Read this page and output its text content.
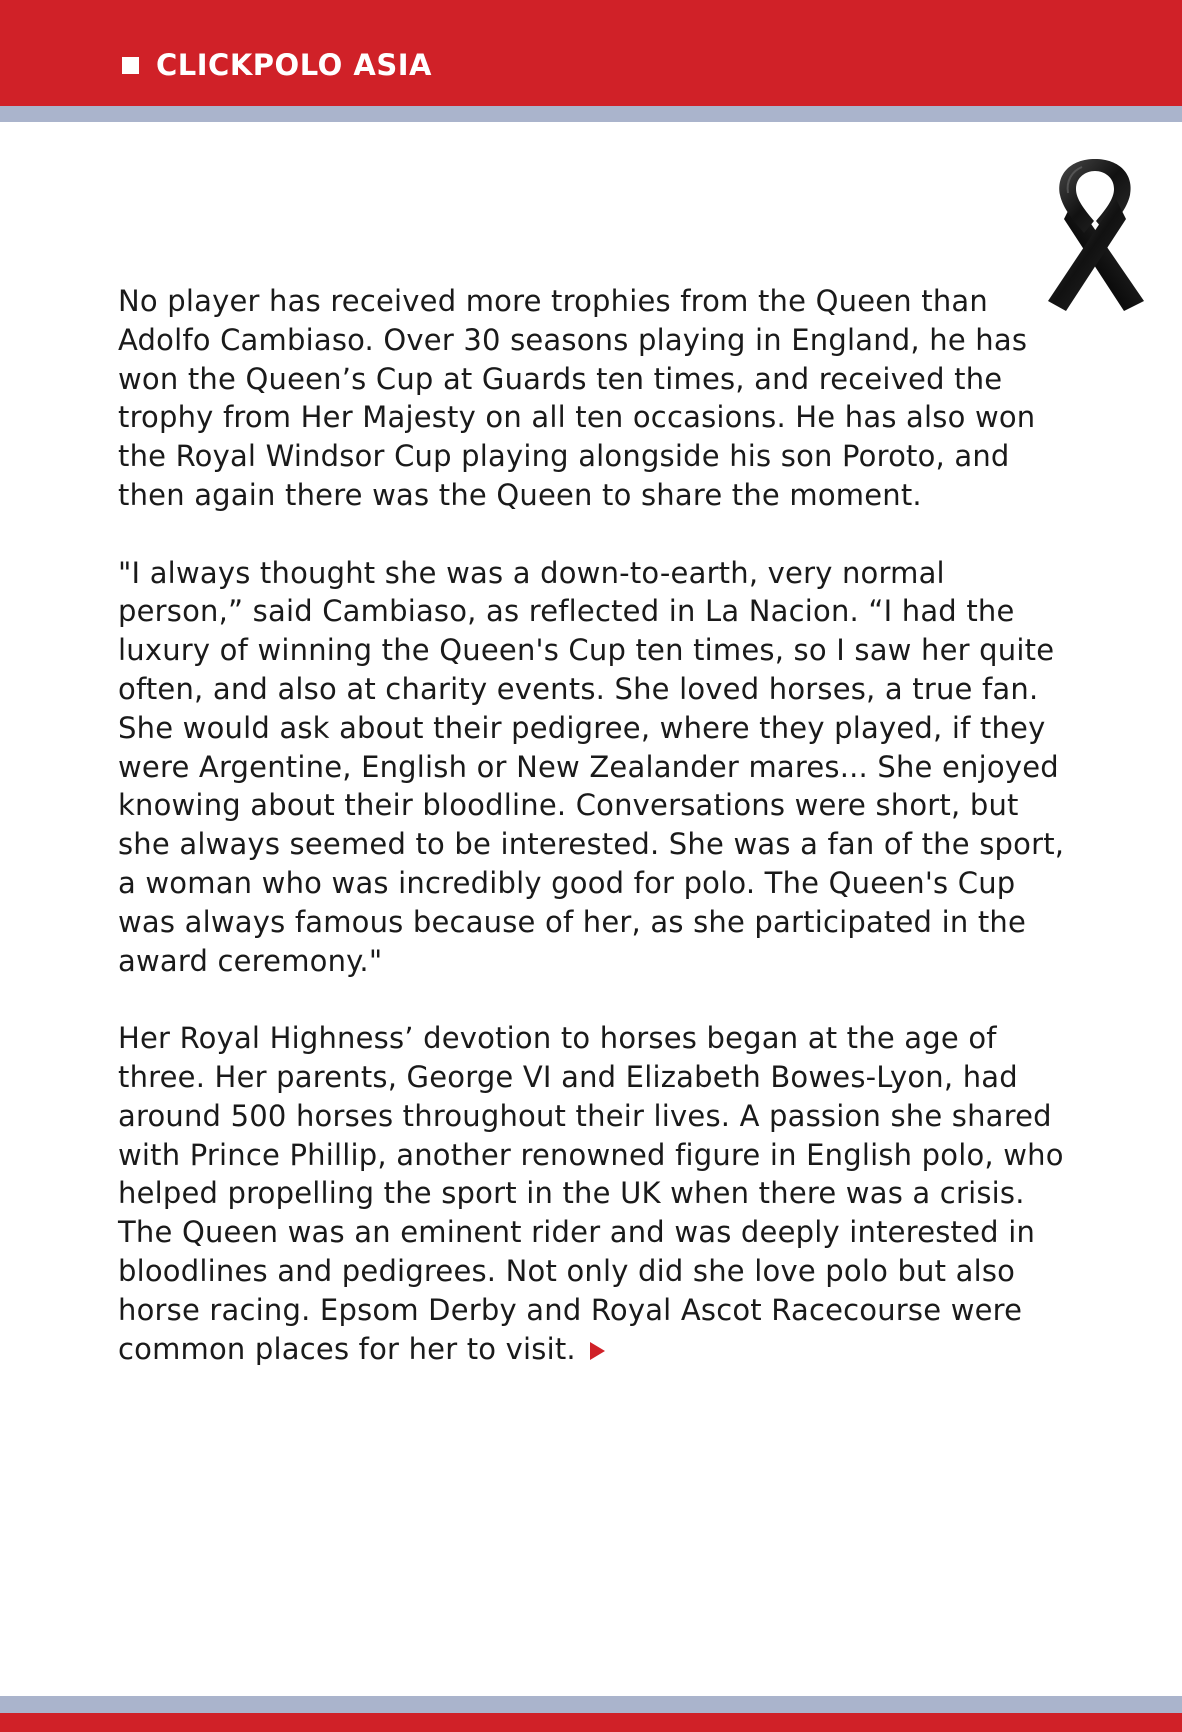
CLICKPOLO ASIA

No player has received more trophies from the Queen than Adolfo Cambiaso. Over 30 seasons playing in England, he has won the Queen’s Cup at Guards ten times, and received the trophy from Her Majesty on all ten occasions. He has also won the Royal Windsor Cup playing alongside his son Poroto, and then again there was the Queen to share the moment.

"I always thought she was a down-to-earth, very normal person,” said Cambiaso, as reflected in La Nacion. “I had the luxury of winning the Queen's Cup ten times, so I saw her quite often, and also at charity events. She loved horses, a true fan. She would ask about their pedigree, where they played, if they were Argentine, English or New Zealander mares... She enjoyed knowing about their bloodline. Conversations were short, but she always seemed to be interested. She was a fan of the sport, a woman who was incredibly good for polo. The Queen's Cup was always famous because of her, as she participated in the award ceremony."

Her Royal Highness’ devotion to horses began at the age of three. Her parents, George VI and Elizabeth Bowes-Lyon, had around 500 horses throughout their lives. A passion she shared with Prince Phillip, another renowned figure in English polo, who helped propelling the sport in the UK when there was a crisis. The Queen was an eminent rider and was deeply interested in bloodlines and pedigrees. Not only did she love polo but also horse racing. Epsom Derby and Royal Ascot Racecourse were common places for her to visit.
